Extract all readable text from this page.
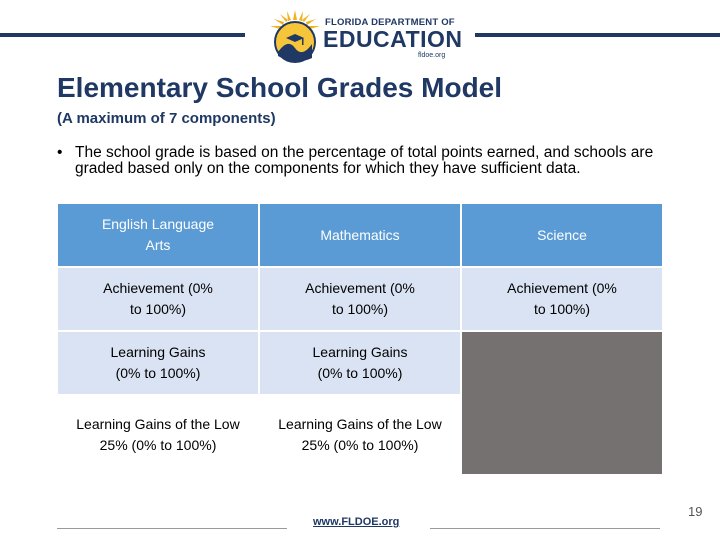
FLORIDA DEPARTMENT OF
EDUCATION
fldoe.org
Elementary School Grades Model
(A maximum of 7 components)
• The school grade is based on the percentage of total points earned, and schools are graded based only on the components for which they have sufficient data.
English Language Arts	Mathematics	Science
Achievement (0% to 100%)	Achievement (0% to 100%)	Achievement (0% to 100%)
Learning Gains (0% to 100%)	Learning Gains (0% to 100%)	
Learning Gains of the Low 25% (0% to 100%)	Learning Gains of the Low 25% (0% to 100%)	
www.FLDOE.org
19
